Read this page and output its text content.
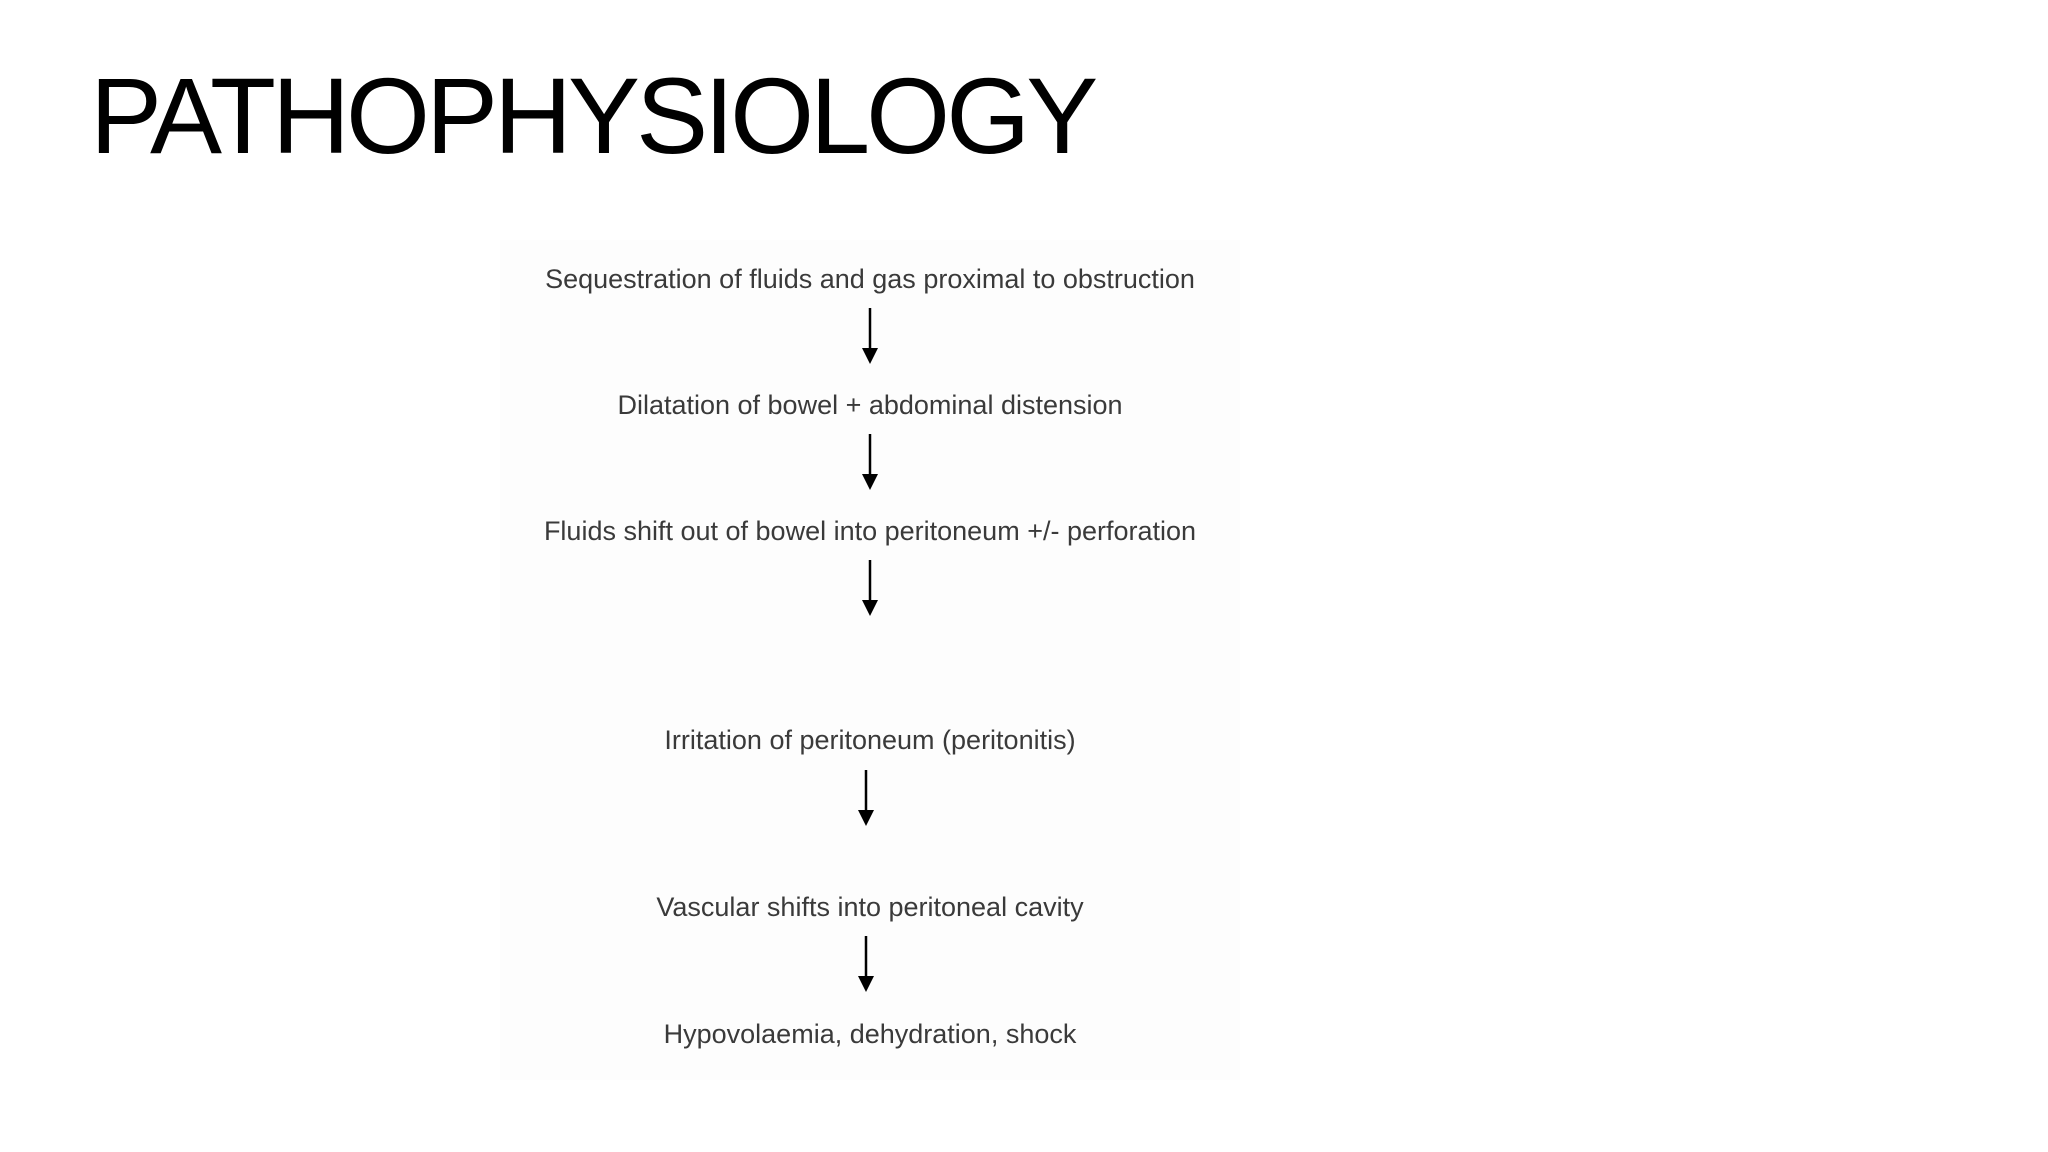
PATHOPHYSIOLOGY

Sequestration of fluids and gas proximal to obstruction

Dilatation of bowel + abdominal distension

Fluids shift out of bowel into peritoneum +/- perforation

Irritation of peritoneum (peritonitis)

Vascular shifts into peritoneal cavity

Hypovolaemia, dehydration, shock
